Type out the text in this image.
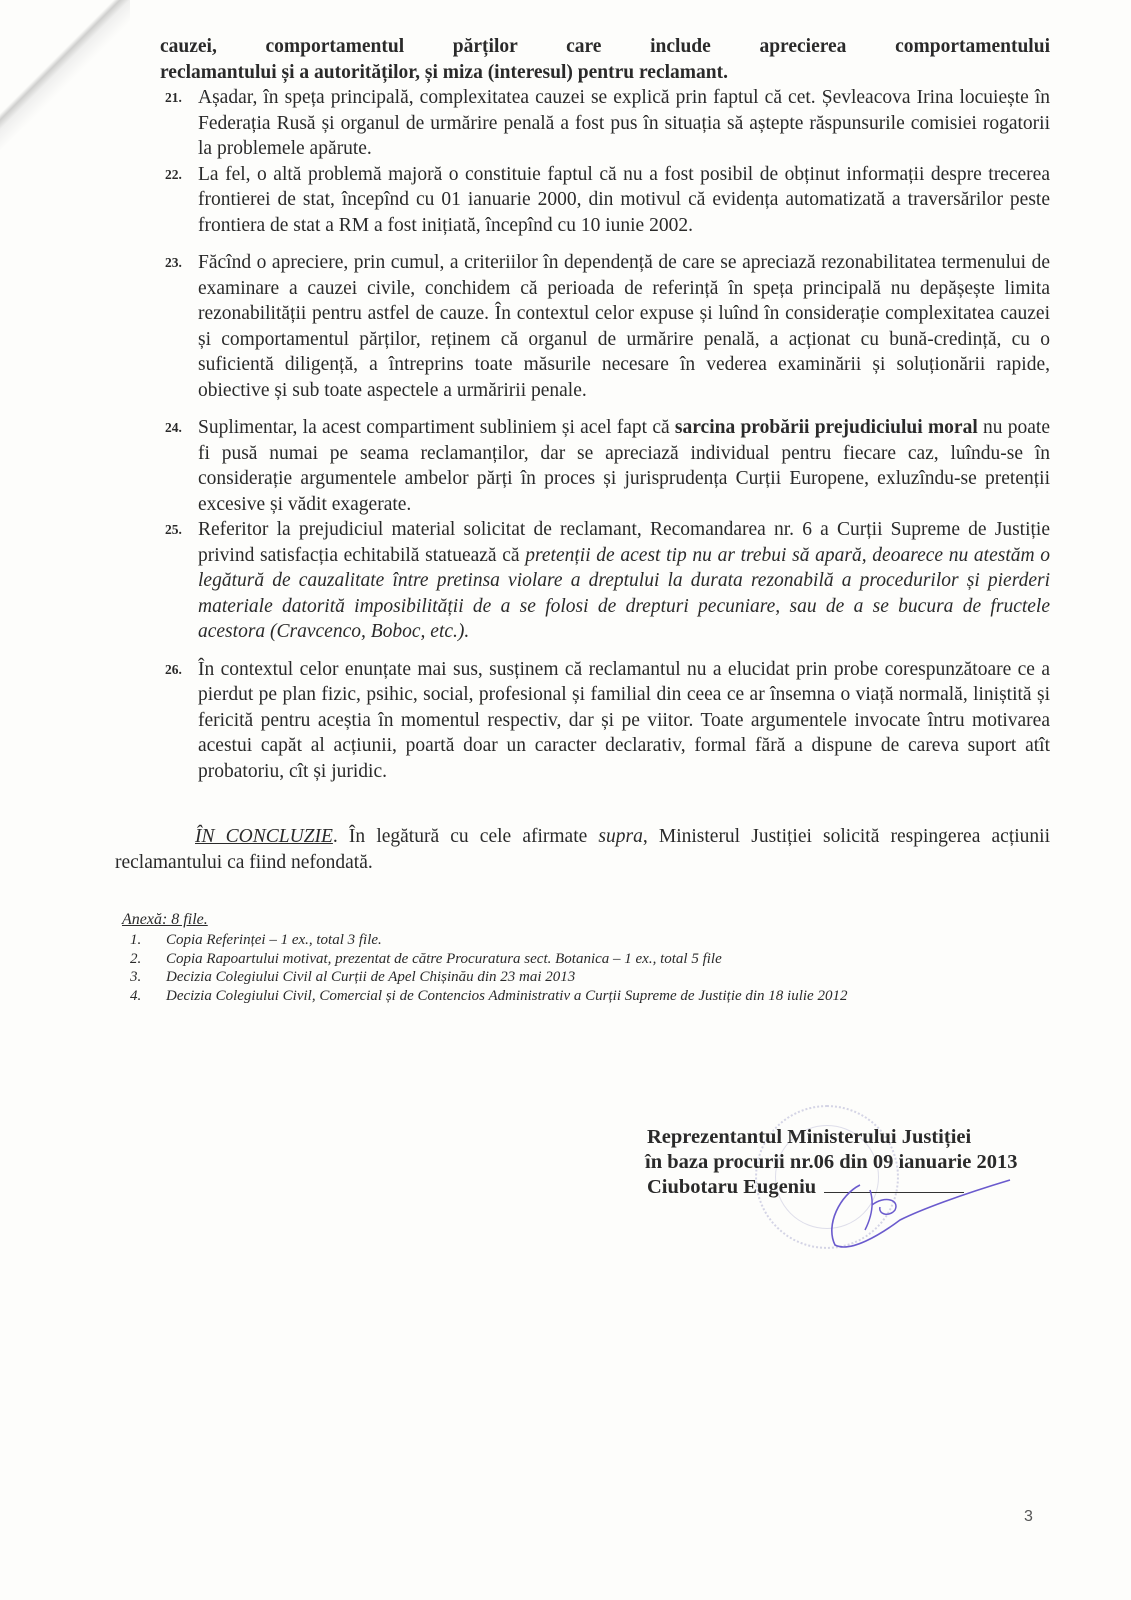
cauzei, comportamentul părților care include aprecierea comportamentului

reclamantului și a autorităților, și miza (interesul) pentru reclamant.

21. Așadar, în speța principală, complexitatea cauzei se explică prin faptul că cet. Șevleacova Irina locuiește în Federația Rusă și organul de urmărire penală a fost pus în situația să aștepte răspunsurile comisiei rogatorii la problemele apărute.

22. La fel, o altă problemă majoră o constituie faptul că nu a fost posibil de obținut informații despre trecerea frontierei de stat, începînd cu 01 ianuarie 2000, din motivul că evidența automatizată a traversărilor peste frontiera de stat a RM a fost inițiată, începînd cu 10 iunie 2002.

23. Făcînd o apreciere, prin cumul, a criteriilor în dependență de care se apreciază rezonabilitatea termenului de examinare a cauzei civile, conchidem că perioada de referință în speța principală nu depășește limita rezonabilității pentru astfel de cauze. În contextul celor expuse și luînd în considerație complexitatea cauzei și comportamentul părților, reținem că organul de urmărire penală, a acționat cu bună-credință, cu o suficientă diligență, a întreprins toate măsurile necesare în vederea examinării și soluționării rapide, obiective și sub toate aspectele a urmăririi penale.

24. Suplimentar, la acest compartiment subliniem și acel fapt că sarcina probării prejudiciului moral nu poate fi pusă numai pe seama reclamanților, dar se apreciază individual pentru fiecare caz, luîndu-se în considerație argumentele ambelor părți în proces și jurisprudența Curții Europene, exluzîndu-se pretenții excesive și vădit exagerate.

25. Referitor la prejudiciul material solicitat de reclamant, Recomandarea nr. 6 a Curții Supreme de Justiție privind satisfacția echitabilă statuează că pretenții de acest tip nu ar trebui să apară, deoarece nu atestăm o legătură de cauzalitate între pretinsa violare a dreptului la durata rezonabilă a procedurilor și pierderi materiale datorită imposibilității de a se folosi de drepturi pecuniare, sau de a se bucura de fructele acestora (Cravcenco, Boboc, etc.).

26. În contextul celor enunțate mai sus, susținem că reclamantul nu a elucidat prin probe corespunzătoare ce a pierdut pe plan fizic, psihic, social, profesional și familial din ceea ce ar însemna o viață normală, liniștită și fericită pentru aceștia în momentul respectiv, dar și pe viitor. Toate argumentele invocate întru motivarea acestui capăt al acțiunii, poartă doar un caracter declarativ, formal fără a dispune de careva suport atît probatoriu, cît și juridic.

ÎN CONCLUZIE. În legătură cu cele afirmate supra, Ministerul Justiției solicită respingerea acțiunii reclamantului ca fiind nefondată.

Anexă: 8 file.
1. Copia Referinței – 1 ex., total 3 file.
2. Copia Rapoartului motivat, prezentat de către Procuratura sect. Botanica – 1 ex., total 5 file
3. Decizia Colegiului Civil al Curții de Apel Chișinău din 23 mai 2013
4. Decizia Colegiului Civil, Comercial și de Contencios Administrativ a Curții Supreme de Justiție din 18 iulie 2012
Reprezentantul Ministerului Justiției
în baza procurii nr.06 din 09 ianuarie 2013
Ciubotaru Eugeniu
3
